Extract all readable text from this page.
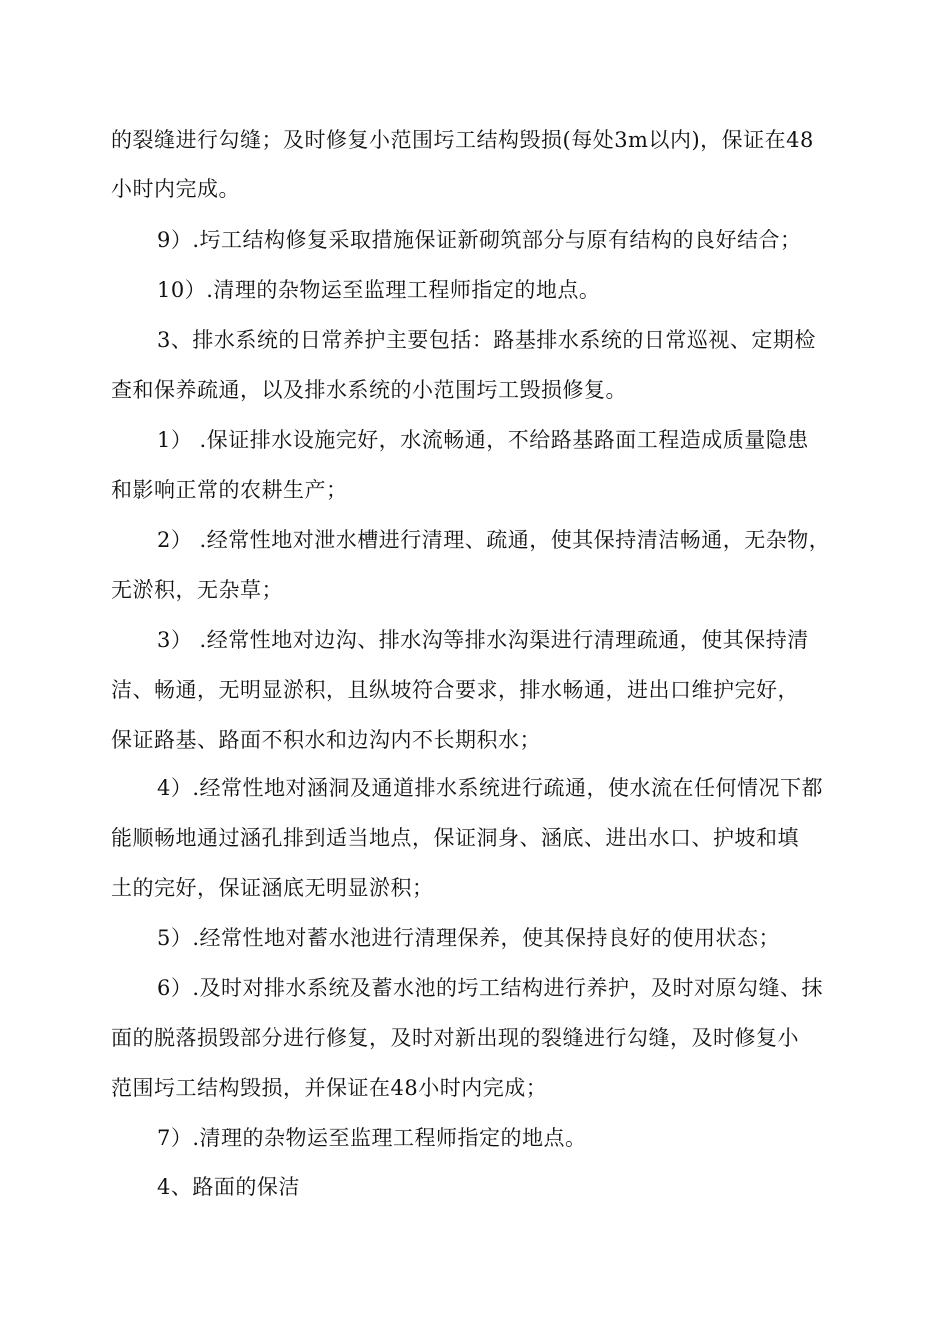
的裂缝进行勾缝；及时修复小范围圬工结构毁损(每处3m以内)，保证在48
小时内完成。
9）.圬工结构修复采取措施保证新砌筑部分与原有结构的良好结合；
10）.清理的杂物运至监理工程师指定的地点。
3、排水系统的日常养护主要包括：路基排水系统的日常巡视、定期检
查和保养疏通，以及排水系统的小范围圬工毁损修复。
1） .保证排水设施完好，水流畅通，不给路基路面工程造成质量隐患
和影响正常的农耕生产；
2） .经常性地对泄水槽进行清理、疏通，使其保持清洁畅通，无杂物，
无淤积，无杂草；
3） .经常性地对边沟、排水沟等排水沟渠进行清理疏通，使其保持清
洁、畅通，无明显淤积，且纵坡符合要求，排水畅通，进出口维护完好，
保证路基、路面不积水和边沟内不长期积水；
4）.经常性地对涵洞及通道排水系统进行疏通，使水流在任何情况下都
能顺畅地通过涵孔排到适当地点，保证洞身、涵底、进出水口、护坡和填
土的完好，保证涵底无明显淤积；
5）.经常性地对蓄水池进行清理保养，使其保持良好的使用状态；
6）.及时对排水系统及蓄水池的圬工结构进行养护，及时对原勾缝、抹
面的脱落损毁部分进行修复，及时对新出现的裂缝进行勾缝，及时修复小
范围圬工结构毁损，并保证在48小时内完成；
7）.清理的杂物运至监理工程师指定的地点。
4、路面的保洁
